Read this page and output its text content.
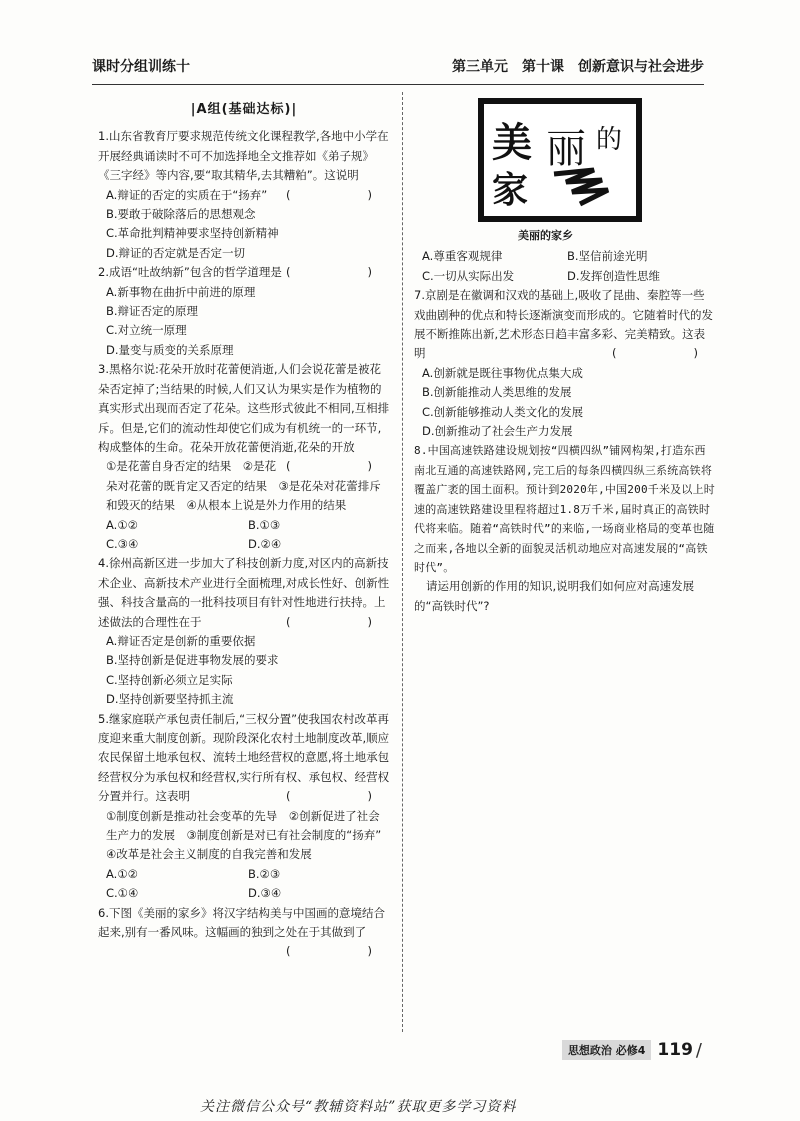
课时分组训练十	第三单元　第十课　创新意识与社会进步
|A组(基础达标)|
1.山东省教育厅要求规范传统文化课程教学,各地中小学在开展经典诵读时不可不加选择地全文推荐如《弟子规》《三字经》等内容,要“取其精华,去其糟粕”。这说明
(　　)
A.辩证的否定的实质在于“扬弃”
B.要敢于破除落后的思想观念
C.革命批判精神要求坚持创新精神
D.辩证的否定就是否定一切
2.成语“吐故纳新”包含的哲学道理是 (　　)
A.新事物在曲折中前进的原理
B.辩证否定的原理
C.对立统一原理
D.量变与质变的关系原理
3.黑格尔说:花朵开放时花蕾便消逝,人们会说花蕾是被花朵否定掉了;当结果的时候,人们又认为果实是作为植物的真实形式出现而否定了花朵。这些形式彼此不相同,互相排斥。但是,它们的流动性却使它们成为有机统一的一环节,构成整体的生命。花朵开放花蕾便消逝,花朵的开放
(　　)
①是花蕾自身否定的结果　②是花朵对花蕾的既肯定又否定的结果　③是花朵对花蕾排斥和毁灭的结果　④从根本上说是外力作用的结果
A.①②	B.①③
C.③④	D.②④
4.徐州高新区进一步加大了科技创新力度,对区内的高新技术企业、高新技术产业进行全面梳理,对成长性好、创新性强、科技含量高的一批科技项目有针对性地进行扶持。上述做法的合理性在于	(　　)
A.辩证否定是创新的重要依据
B.坚持创新是促进事物发展的要求
C.坚持创新必须立足实际
D.坚持创新要坚持抓主流
5.继家庭联产承包责任制后,“三权分置”使我国农村改革再度迎来重大制度创新。现阶段深化农村土地制度改革,顺应农民保留土地承包权、流转土地经营权的意愿,将土地承包经营权分为承包权和经营权,实行所有权、承包权、经营权分置并行。这表明	(　　)
①制度创新是推动社会变革的先导　②创新促进了社会生产力的发展　③制度创新是对已有社会制度的“扬弃”　④改革是社会主义制度的自我完善和发展
A.①②	B.②③
C.①④	D.③④
6.下图《美丽的家乡》将汉字结构美与中国画的意境结合起来,别有一番风味。这幅画的独到之处在于其做到了
(　　)
美
家
丽 的
美丽的家乡
A.尊重客观规律	B.坚信前途光明
C.一切从实际出发	D.发挥创造性思维
7.京剧是在徽调和汉戏的基础上,吸收了昆曲、秦腔等一些戏曲剧种的优点和特长逐渐演变而形成的。它随着时代的发展不断推陈出新,艺术形态日趋丰富多彩、完美精致。这表明	(　　)
A.创新就是既往事物优点集大成
B.创新能推动人类思维的发展
C.创新能够推动人类文化的发展
D.创新推动了社会生产力发展
8.中国高速铁路建设规划按“四横四纵”铺网构架,打造东西南北互通的高速铁路网,完工后的每条四横四纵三系统高铁将覆盖广袤的国土面积。预计到2020年,中国200千米及以上时速的高速铁路建设里程将超过1.8万千米,届时真正的高铁时代将来临。随着“高铁时代”的来临,一场商业格局的变革也随之而来,各地以全新的面貌灵活机动地应对高速发展的“高铁时代”。
请运用创新的作用的知识,说明我们如何应对高速发展的“高铁时代”?
思想政治 必修4 119 /
关注微信公众号“教辅资料站”获取更多学习资料
